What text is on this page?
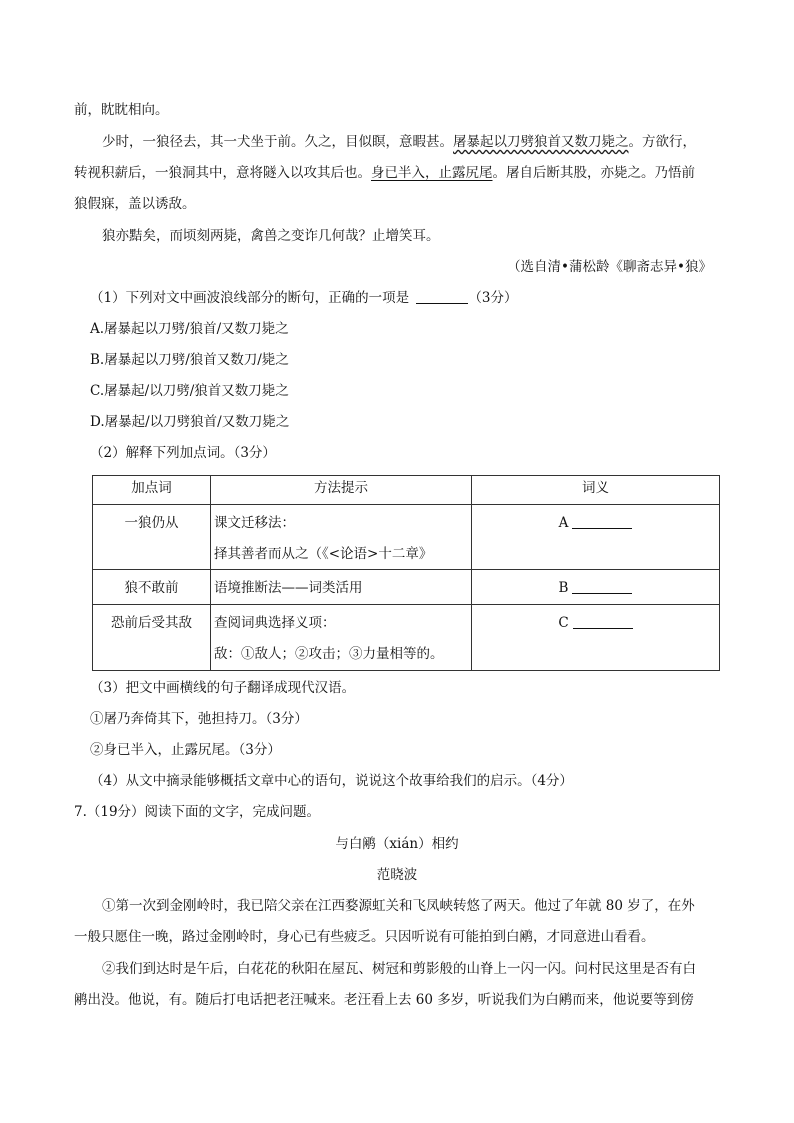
前，眈眈相向。
少时，一狼径去，其一犬坐于前。久之，目似瞑，意暇甚。屠暴起以刀劈狼首又数刀毙之。方欲行，
转视积薪后，一狼洞其中，意将隧入以攻其后也。身已半入，止露尻尾。屠自后断其股，亦毙之。乃悟前
狼假寐，盖以诱敌。
狼亦黠矣，而顷刻两毙，禽兽之变诈几何哉？止增笑耳。
（选自清•蒲松龄《聊斋志异•狼》
（1）下列对文中画波浪线部分的断句，正确的一项是	（3分）
A.屠暴起以刀劈/狼首/又数刀毙之
B.屠暴起以刀劈/狼首又数刀/毙之
C.屠暴起/以刀劈/狼首又数刀毙之
D.屠暴起/以刀劈狼首/又数刀毙之
（2）解释下列加点词。（3分）
加点词	方法提示	词义

一狼仍从	课文迁移法：
择其善者而从之（《<论语>十二章》	A

狼不敢前	语境推断法——词类活用	B

恐前后受其敌	查阅词典选择义项：
敌：①敌人；②攻击；③力量相等的。	C
（3）把文中画横线的句子翻译成现代汉语。
①屠乃奔倚其下，弛担持刀。（3分）
②身已半入，止露尻尾。（3分）
（4）从文中摘录能够概括文章中心的语句，说说这个故事给我们的启示。（4分）
7.（19分）阅读下面的文字，完成问题。
与白鹇（xián）相约
范晓波
①第一次到金刚岭时，我已陪父亲在江西婺源虹关和飞凤峡转悠了两天。他过了年就 80 岁了，在外
一般只愿住一晚，路过金刚岭时，身心已有些疲乏。只因听说有可能拍到白鹇，才同意进山看看。
②我们到达时是午后，白花花的秋阳在屋瓦、树冠和剪影般的山脊上一闪一闪。问村民这里是否有白
鹇出没。他说，有。随后打电话把老汪喊来。老汪看上去 60 多岁，听说我们为白鹇而来，他说要等到傍
